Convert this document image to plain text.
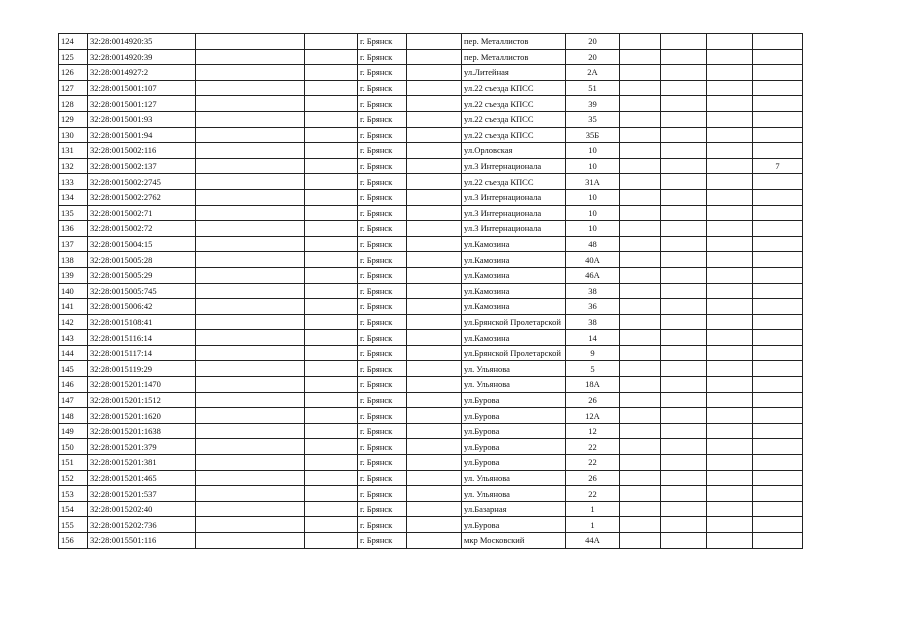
124	32:28:0014920:35			г. Брянск		пер. Металлистов	20				
125	32:28:0014920:39			г. Брянск		пер. Металлистов	20				
126	32:28:0014927:2			г. Брянск		ул.Литейная	2А				
127	32:28:0015001:107			г. Брянск		ул.22 съезда КПСС	51				
128	32:28:0015001:127			г. Брянск		ул.22 съезда КПСС	39				
129	32:28:0015001:93			г. Брянск		ул.22 съезда КПСС	35				
130	32:28:0015001:94			г. Брянск		ул.22 съезда КПСС	35Б				
131	32:28:0015002:116			г. Брянск		ул.Орловская	10				
132	32:28:0015002:137			г. Брянск		ул.3 Интернационала	10				7
133	32:28:0015002:2745			г. Брянск		ул.22 съезда КПСС	31А				
134	32:28:0015002:2762			г. Брянск		ул.3 Интернационала	10				
135	32:28:0015002:71			г. Брянск		ул.3 Интернационала	10				
136	32:28:0015002:72			г. Брянск		ул.3 Интернационала	10				
137	32:28:0015004:15			г. Брянск		ул.Камозина	48				
138	32:28:0015005:28			г. Брянск		ул.Камозина	40А				
139	32:28:0015005:29			г. Брянск		ул.Камозина	46А				
140	32:28:0015005:745			г. Брянск		ул.Камозина	38				
141	32:28:0015006:42			г. Брянск		ул.Камозина	36				
142	32:28:0015108:41			г. Брянск		ул.Брянской Пролетарской	38				
143	32:28:0015116:14			г. Брянск		ул.Камозина	14				
144	32:28:0015117:14			г. Брянск		ул.Брянской Пролетарской	9				
145	32:28:0015119:29			г. Брянск		ул. Ульянова	5				
146	32:28:0015201:1470			г. Брянск		ул. Ульянова	18А				
147	32:28:0015201:1512			г. Брянск		ул.Бурова	26				
148	32:28:0015201:1620			г. Брянск		ул.Бурова	12А				
149	32:28:0015201:1638			г. Брянск		ул.Бурова	12				
150	32:28:0015201:379			г. Брянск		ул.Бурова	22				
151	32:28:0015201:381			г. Брянск		ул.Бурова	22				
152	32:28:0015201:465			г. Брянск		ул. Ульянова	26				
153	32:28:0015201:537			г. Брянск		ул. Ульянова	22				
154	32:28:0015202:40			г. Брянск		ул.Базарная	1				
155	32:28:0015202:736			г. Брянск		ул.Бурова	1				
156	32:28:0015501:116			г. Брянск		мкр Московский	44А				
